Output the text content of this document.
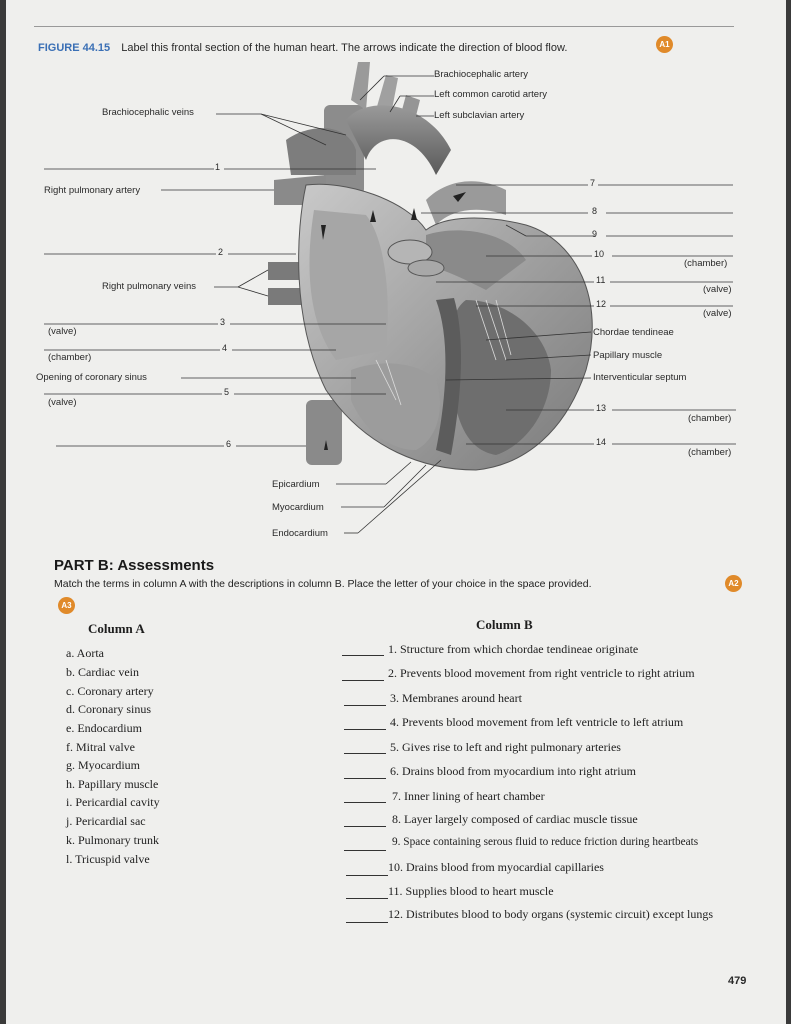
FIGURE 44.15 Label this frontal section of the human heart. The arrows indicate the direction of blood flow.	A1
Brachiocephalic artery
Left common carotid artery
Left subclavian artery
Brachiocephalic veins
Right pulmonary artery
Right pulmonary veins
(valve)
(chamber)
Opening of coronary sinus
(valve)
1
2
3
4
5
6
7
8
9
10
11
12
13
14
(chamber)
(valve)
(valve)
Chordae tendineae
Papillary muscle
Interventicular septum
(chamber)
(chamber)
Epicardium
Myocardium
Endocardium
PART B: Assessments
Match the terms in column A with the descriptions in column B. Place the letter of your choice in the space provided.	A2
A3
Column A	Column B
a. Aorta
b. Cardiac vein
c. Coronary artery
d. Coronary sinus
e. Endocardium
f. Mitral valve
g. Myocardium
h. Papillary muscle
i. Pericardial cavity
j. Pericardial sac
k. Pulmonary trunk
l. Tricuspid valve
1. Structure from which chordae tendineae originate
2. Prevents blood movement from right ventricle to right atrium
3. Membranes around heart
4. Prevents blood movement from left ventricle to left atrium
5. Gives rise to left and right pulmonary arteries
6. Drains blood from myocardium into right atrium
7. Inner lining of heart chamber
8. Layer largely composed of cardiac muscle tissue
9. Space containing serous fluid to reduce friction during heartbeats
10. Drains blood from myocardial capillaries
11. Supplies blood to heart muscle
12. Distributes blood to body organs (systemic circuit) except lungs
479
